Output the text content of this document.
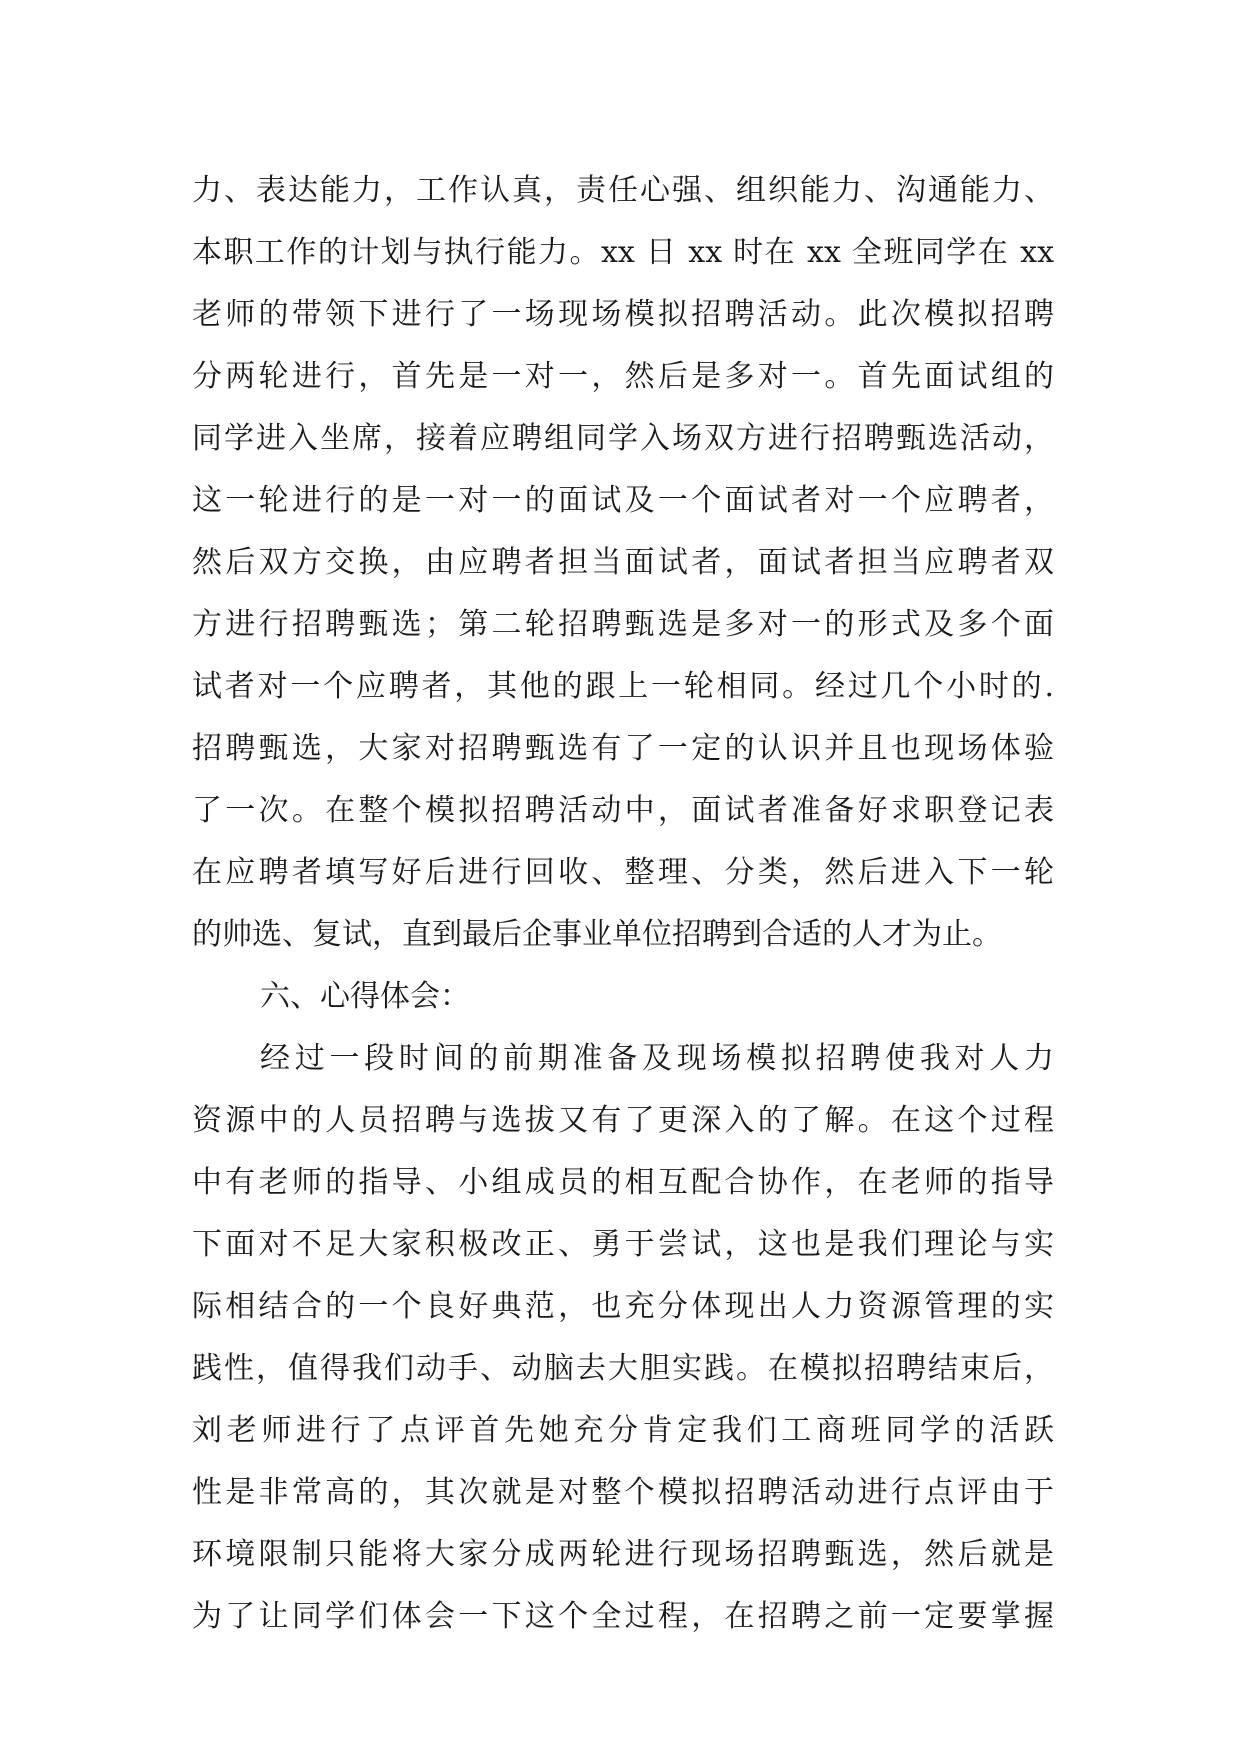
力、表达能力，工作认真，责任心强、组织能力、沟通能力、
本职工作的计划与执行能力。xx 日 xx 时在 xx 全班同学在 xx
老师的带领下进行了一场现场模拟招聘活动。此次模拟招聘
分两轮进行，首先是一对一，然后是多对一。首先面试组的
同学进入坐席，接着应聘组同学入场双方进行招聘甄选活动，
这一轮进行的是一对一的面试及一个面试者对一个应聘者，
然后双方交换，由应聘者担当面试者，面试者担当应聘者双
方进行招聘甄选；第二轮招聘甄选是多对一的形式及多个面
试者对一个应聘者，其他的跟上一轮相同。经过几个小时的.
招聘甄选，大家对招聘甄选有了一定的认识并且也现场体验
了一次。在整个模拟招聘活动中，面试者准备好求职登记表
在应聘者填写好后进行回收、整理、分类，然后进入下一轮
的帅选、复试，直到最后企事业单位招聘到合适的人才为止。
六、心得体会：
经过一段时间的前期准备及现场模拟招聘使我对人力
资源中的人员招聘与选拔又有了更深入的了解。在这个过程
中有老师的指导、小组成员的相互配合协作，在老师的指导
下面对不足大家积极改正、勇于尝试，这也是我们理论与实
际相结合的一个良好典范，也充分体现出人力资源管理的实
践性，值得我们动手、动脑去大胆实践。在模拟招聘结束后，
刘老师进行了点评首先她充分肯定我们工商班同学的活跃
性是非常高的，其次就是对整个模拟招聘活动进行点评由于
环境限制只能将大家分成两轮进行现场招聘甄选，然后就是
为了让同学们体会一下这个全过程，在招聘之前一定要掌握
